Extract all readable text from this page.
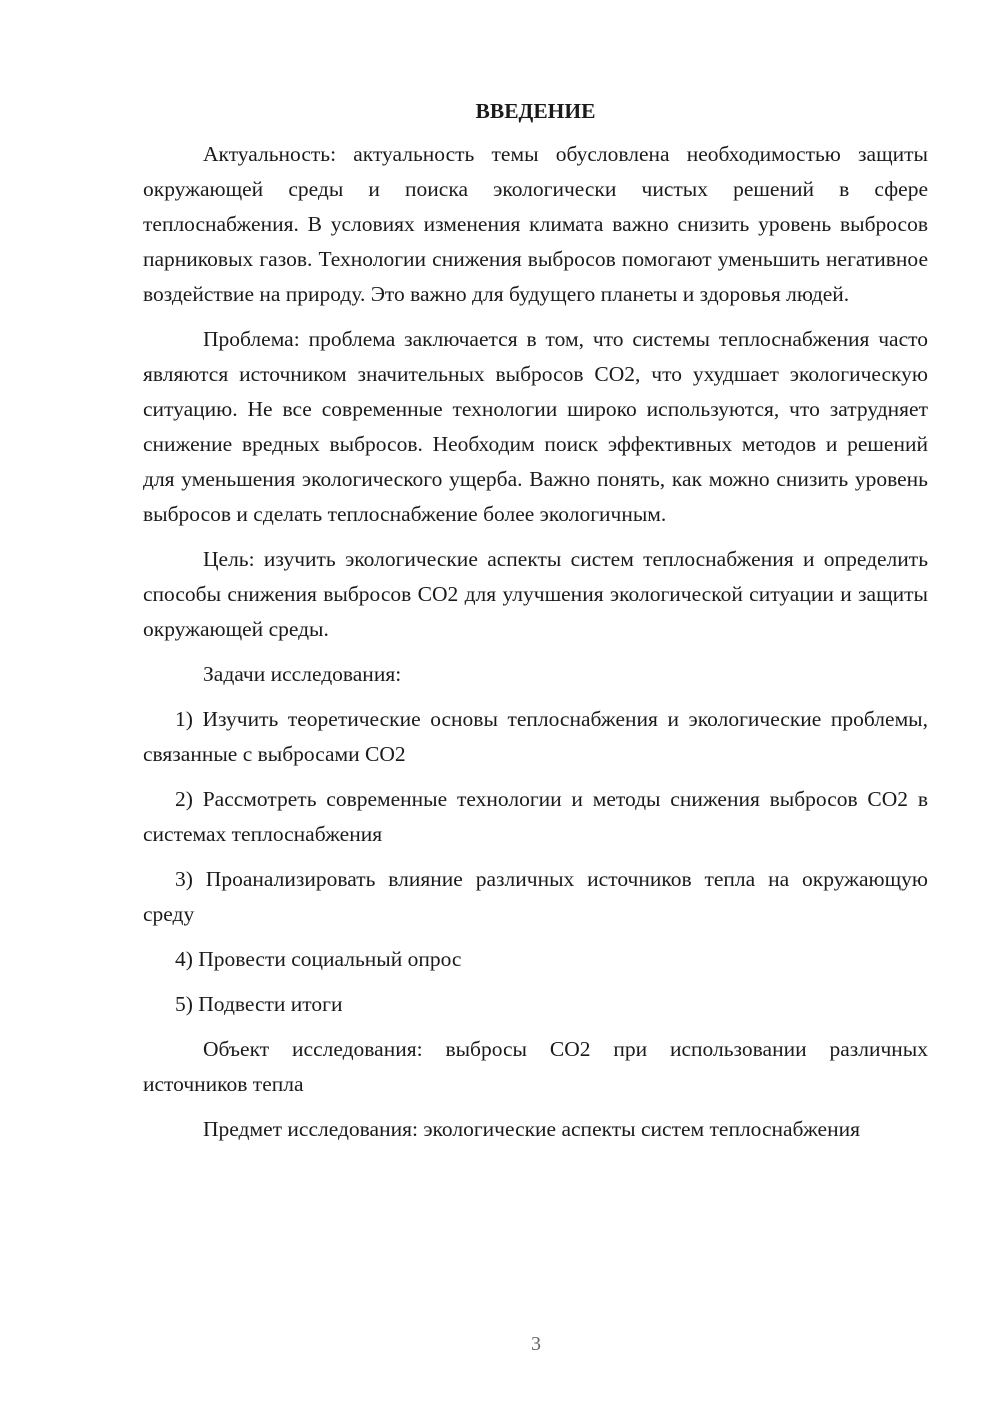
ВВЕДЕНИЕ

Актуальность: актуальность темы обусловлена необходимостью защиты окружающей среды и поиска экологически чистых решений в сфере теплоснабжения. В условиях изменения климата важно снизить уровень выбросов парниковых газов. Технологии снижения выбросов помогают уменьшить негативное воздействие на природу. Это важно для будущего планеты и здоровья людей.

Проблема: проблема заключается в том, что системы теплоснабжения часто являются источником значительных выбросов СО2, что ухудшает экологическую ситуацию. Не все современные технологии широко используются, что затрудняет снижение вредных выбросов. Необходим поиск эффективных методов и решений для уменьшения экологического ущерба. Важно понять, как можно снизить уровень выбросов и сделать теплоснабжение более экологичным.

Цель: изучить экологические аспекты систем теплоснабжения и определить способы снижения выбросов СО2 для улучшения экологической ситуации и защиты окружающей среды.

Задачи исследования:

1) Изучить теоретические основы теплоснабжения и экологические проблемы, связанные с выбросами СО2

2) Рассмотреть современные технологии и методы снижения выбросов СО2 в системах теплоснабжения

3) Проанализировать влияние различных источников тепла на окружающую среду

4) Провести социальный опрос

5) Подвести итоги

Объект исследования: выбросы СО2 при использовании различных источников тепла

Предмет исследования: экологические аспекты систем теплоснабжения

3
